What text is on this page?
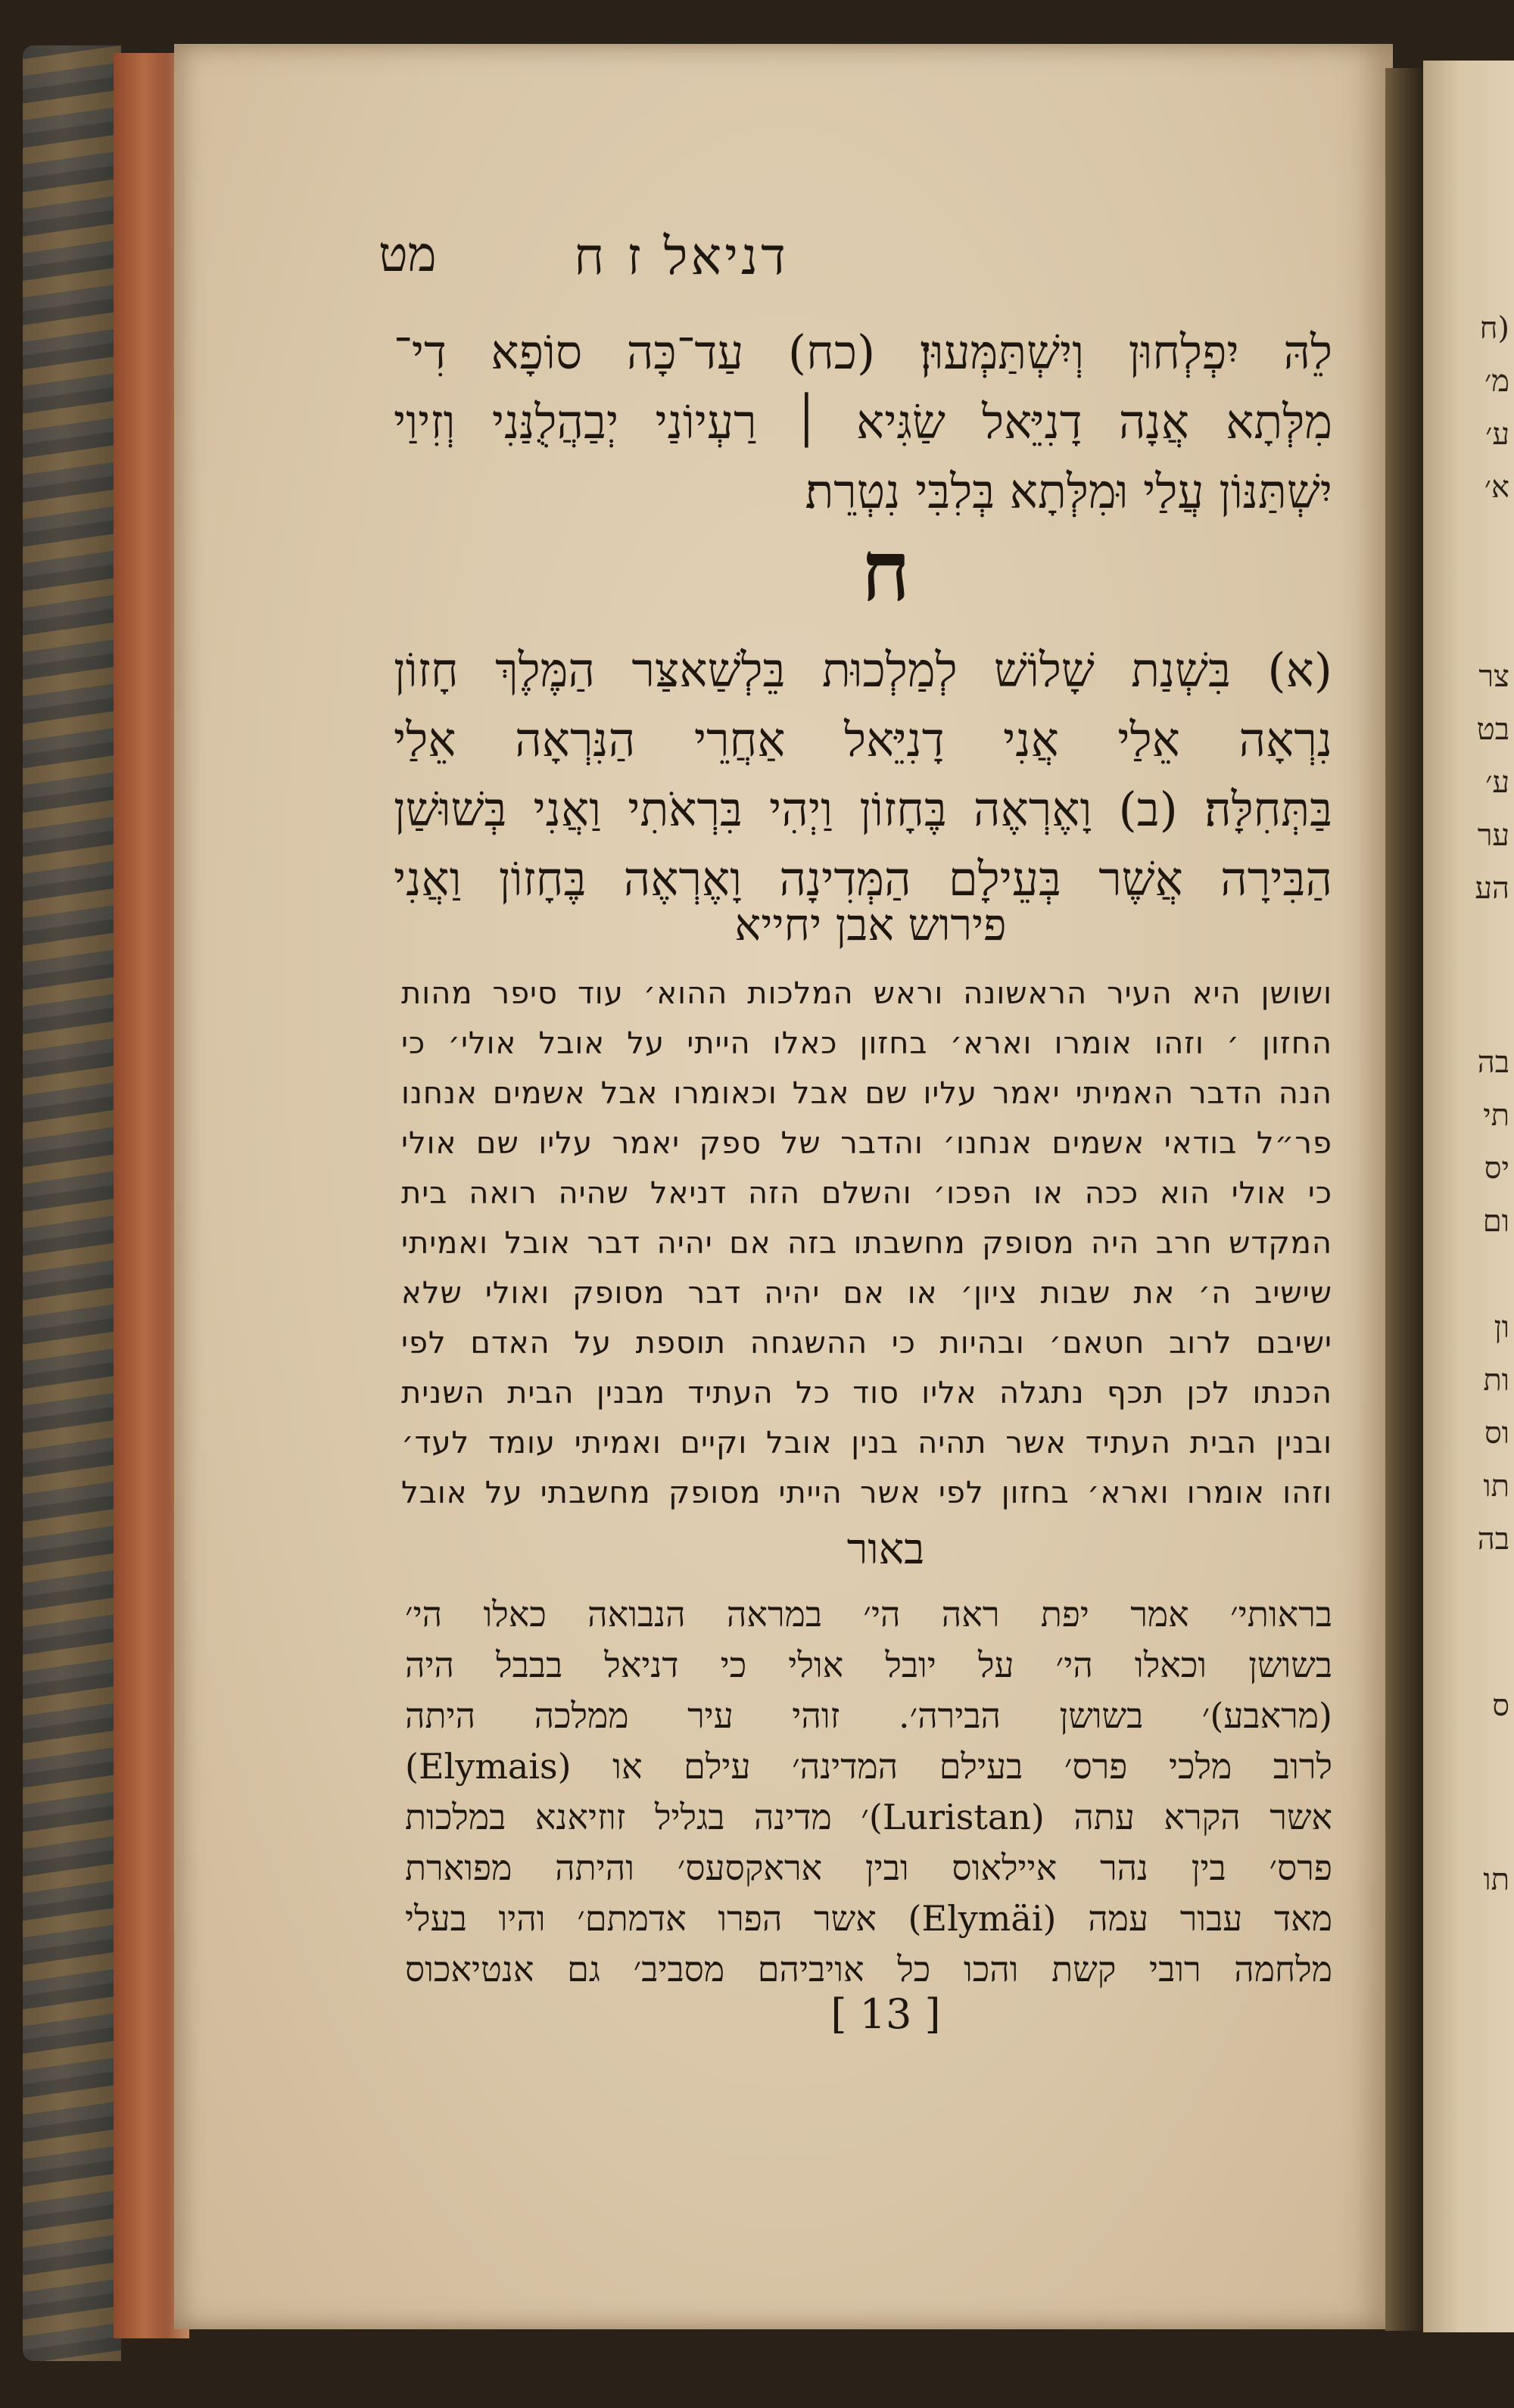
(ח
מ׳
ע׳
א׳
צר
בט
ע׳
ער
הע
בה
תי
יס
ום
ון
ות
וס
תו
בה
ס
תו
דניאל ז ח
מט
לֵהּ יִפְלְחוּן וְיִשְׁתַּמְּעוּן׃ (כח) עַד־כָּה סוֹפָא דִי־
מִלְּתָא אֲנָה דָנִיֵּאל שַׂגִּיא ׀ רַעְיוֹנַי יְבַהֲלֻנַּנִי וְזִיוַי
יִשְׁתַּנּוֹן עֲלַי וּמִלְּתָא בְּלִבִּי נִטְרֵת׃
ח
(א) בִּשְׁנַת שָׁלוֹשׁ לְמַלְכוּת בֵּלְשַׁאצַּר הַמֶּלֶךְ חָזוֹן
נִרְאָה אֵלַי אֲנִי דָנִיֵּאל אַחֲרֵי הַנִּרְאָה אֵלַי
בַּתְּחִלָּה׃ (ב) וָאֶרְאֶה בֶּחָזוֹן וַיְהִי בִּרְאֹתִי וַאֲנִי בְּשׁוּשַׁן
הַבִּירָה אֲשֶׁר בְּעֵילָם הַמְּדִינָה וָאֶרְאֶה בֶּחָזוֹן וַאֲנִי
פירוש אבן יחייא
ושושן היא העיר הראשונה וראש המלכות ההוא׳ עוד סיפר מהות
החזון ׳ וזהו אומרו וארא׳ בחזון כאלו הייתי על אובל אולי׳ כי
הנה הדבר האמיתי יאמר עליו שם אבל וכאומרו אבל אשמים אנחנו
פר״ל בודאי אשמים אנחנו׳ והדבר של ספק יאמר עליו שם אולי
כי אולי הוא ככה או הפכו׳ והשלם הזה דניאל שהיה רואה בית
המקדש חרב היה מסופק מחשבתו בזה אם יהיה דבר אובל ואמיתי
שישיב ה׳ את שבות ציון׳ או אם יהיה דבר מסופק ואולי שלא
ישיבם לרוב חטאם׳ ובהיות כי ההשגחה תוספת על האדם לפי
הכנתו לכן תכף נתגלה אליו סוד כל העתיד מבנין הבית השנית
ובנין הבית העתיד אשר תהיה בנין אובל וקיים ואמיתי עומד לעד׳
וזהו אומרו וארא׳ בחזון לפי אשר הייתי מסופק מחשבתי על אובל
באור
בראותי׳ אמר יפת ראה הי׳ במראה הנבואה כאלו הי׳
בשושן וכאלו הי׳ על יובל אולי כי דניאל בבבל היה
(מראבע)׳ בשושן הבירה׳. זוהי עיר ממלכה היתה
לרוב מלכי פרס׳ בעילם המדינה׳ עילם או (Elymais)
אשר הקרא עתה (Luristan)׳ מדינה בגליל זוזיאנא במלכות
פרס׳ בין נהר איילאוס ובין אראקסעס׳ והיתה מפוארת
מאד עבור עמה (Elymäi) אשר הפרו אדמתם׳ והיו בעלי
מלחמה רובי קשת והכו כל אויביהם מסביב׳ גם אנטיאכוס
[ 13 ]
